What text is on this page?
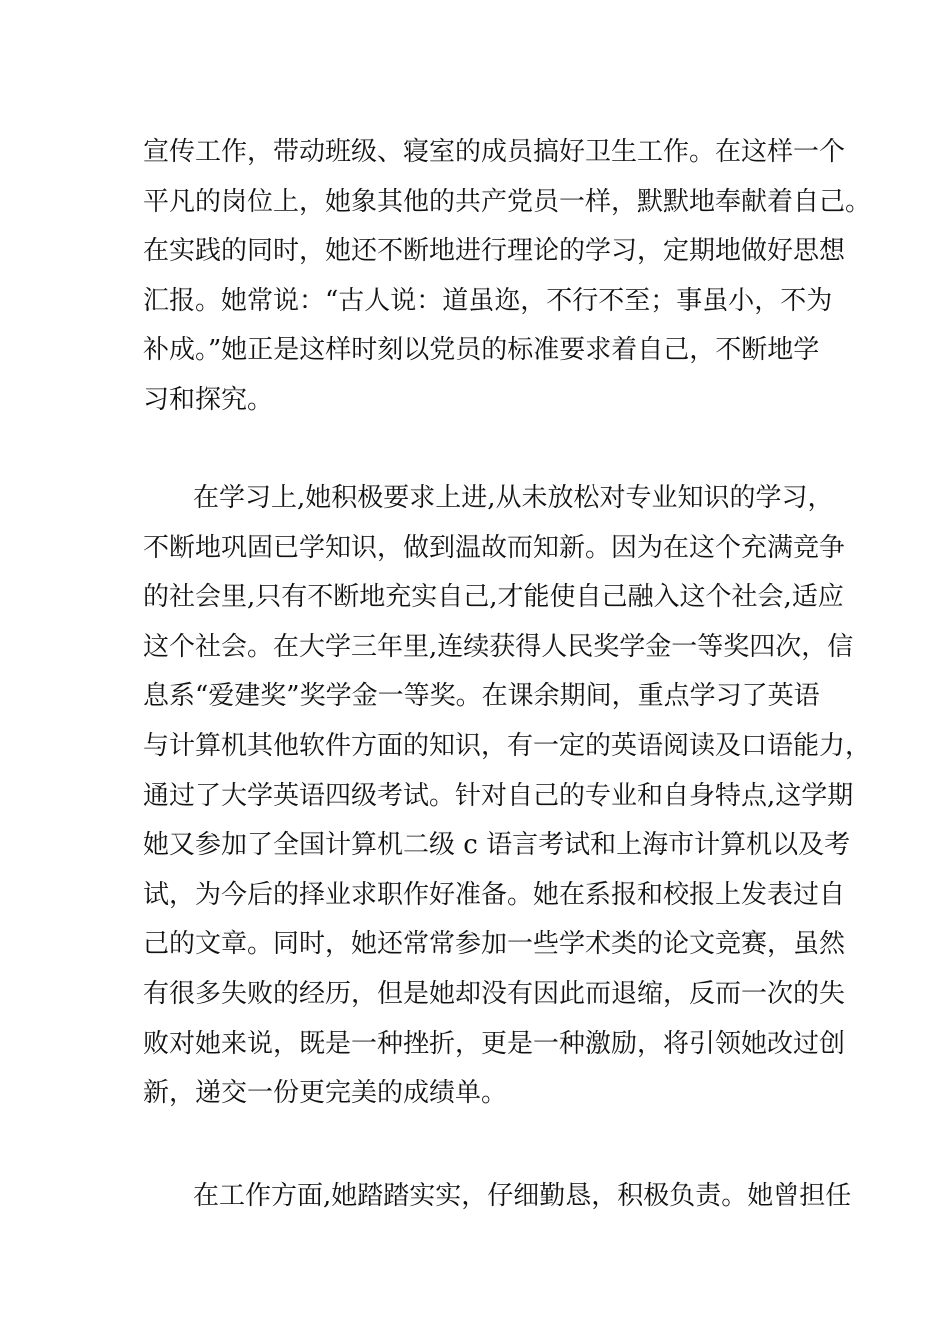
宣传工作，带动班级、寝室的成员搞好卫生工作。在这样一个
平凡的岗位上，她象其他的共产党员一样，默默地奉献着自己。
在实践的同时，她还不断地进行理论的学习，定期地做好思想
汇报。她常说：“古人说：道虽迩，不行不至；事虽小，不为
补成。”她正是这样时刻以党员的标准要求着自己，不断地学
习和探究。

在学习上,她积极要求上进,从未放松对专业知识的学习，
不断地巩固已学知识，做到温故而知新。因为在这个充满竞争
的社会里,只有不断地充实自己,才能使自己融入这个社会,适应
这个社会。在大学三年里,连续获得人民奖学金一等奖四次，信
息系“爱建奖”奖学金一等奖。在课余期间，重点学习了英语
与计算机其他软件方面的知识，有一定的英语阅读及口语能力，
通过了大学英语四级考试。针对自己的专业和自身特点,这学期
她又参加了全国计算机二级 c 语言考试和上海市计算机以及考
试，为今后的择业求职作好准备。她在系报和校报上发表过自
己的文章。同时，她还常常参加一些学术类的论文竞赛，虽然
有很多失败的经历，但是她却没有因此而退缩，反而一次的失
败对她来说，既是一种挫折，更是一种激励，将引领她改过创
新，递交一份更完美的成绩单。

在工作方面,她踏踏实实，仔细勤恳，积极负责。她曾担任
